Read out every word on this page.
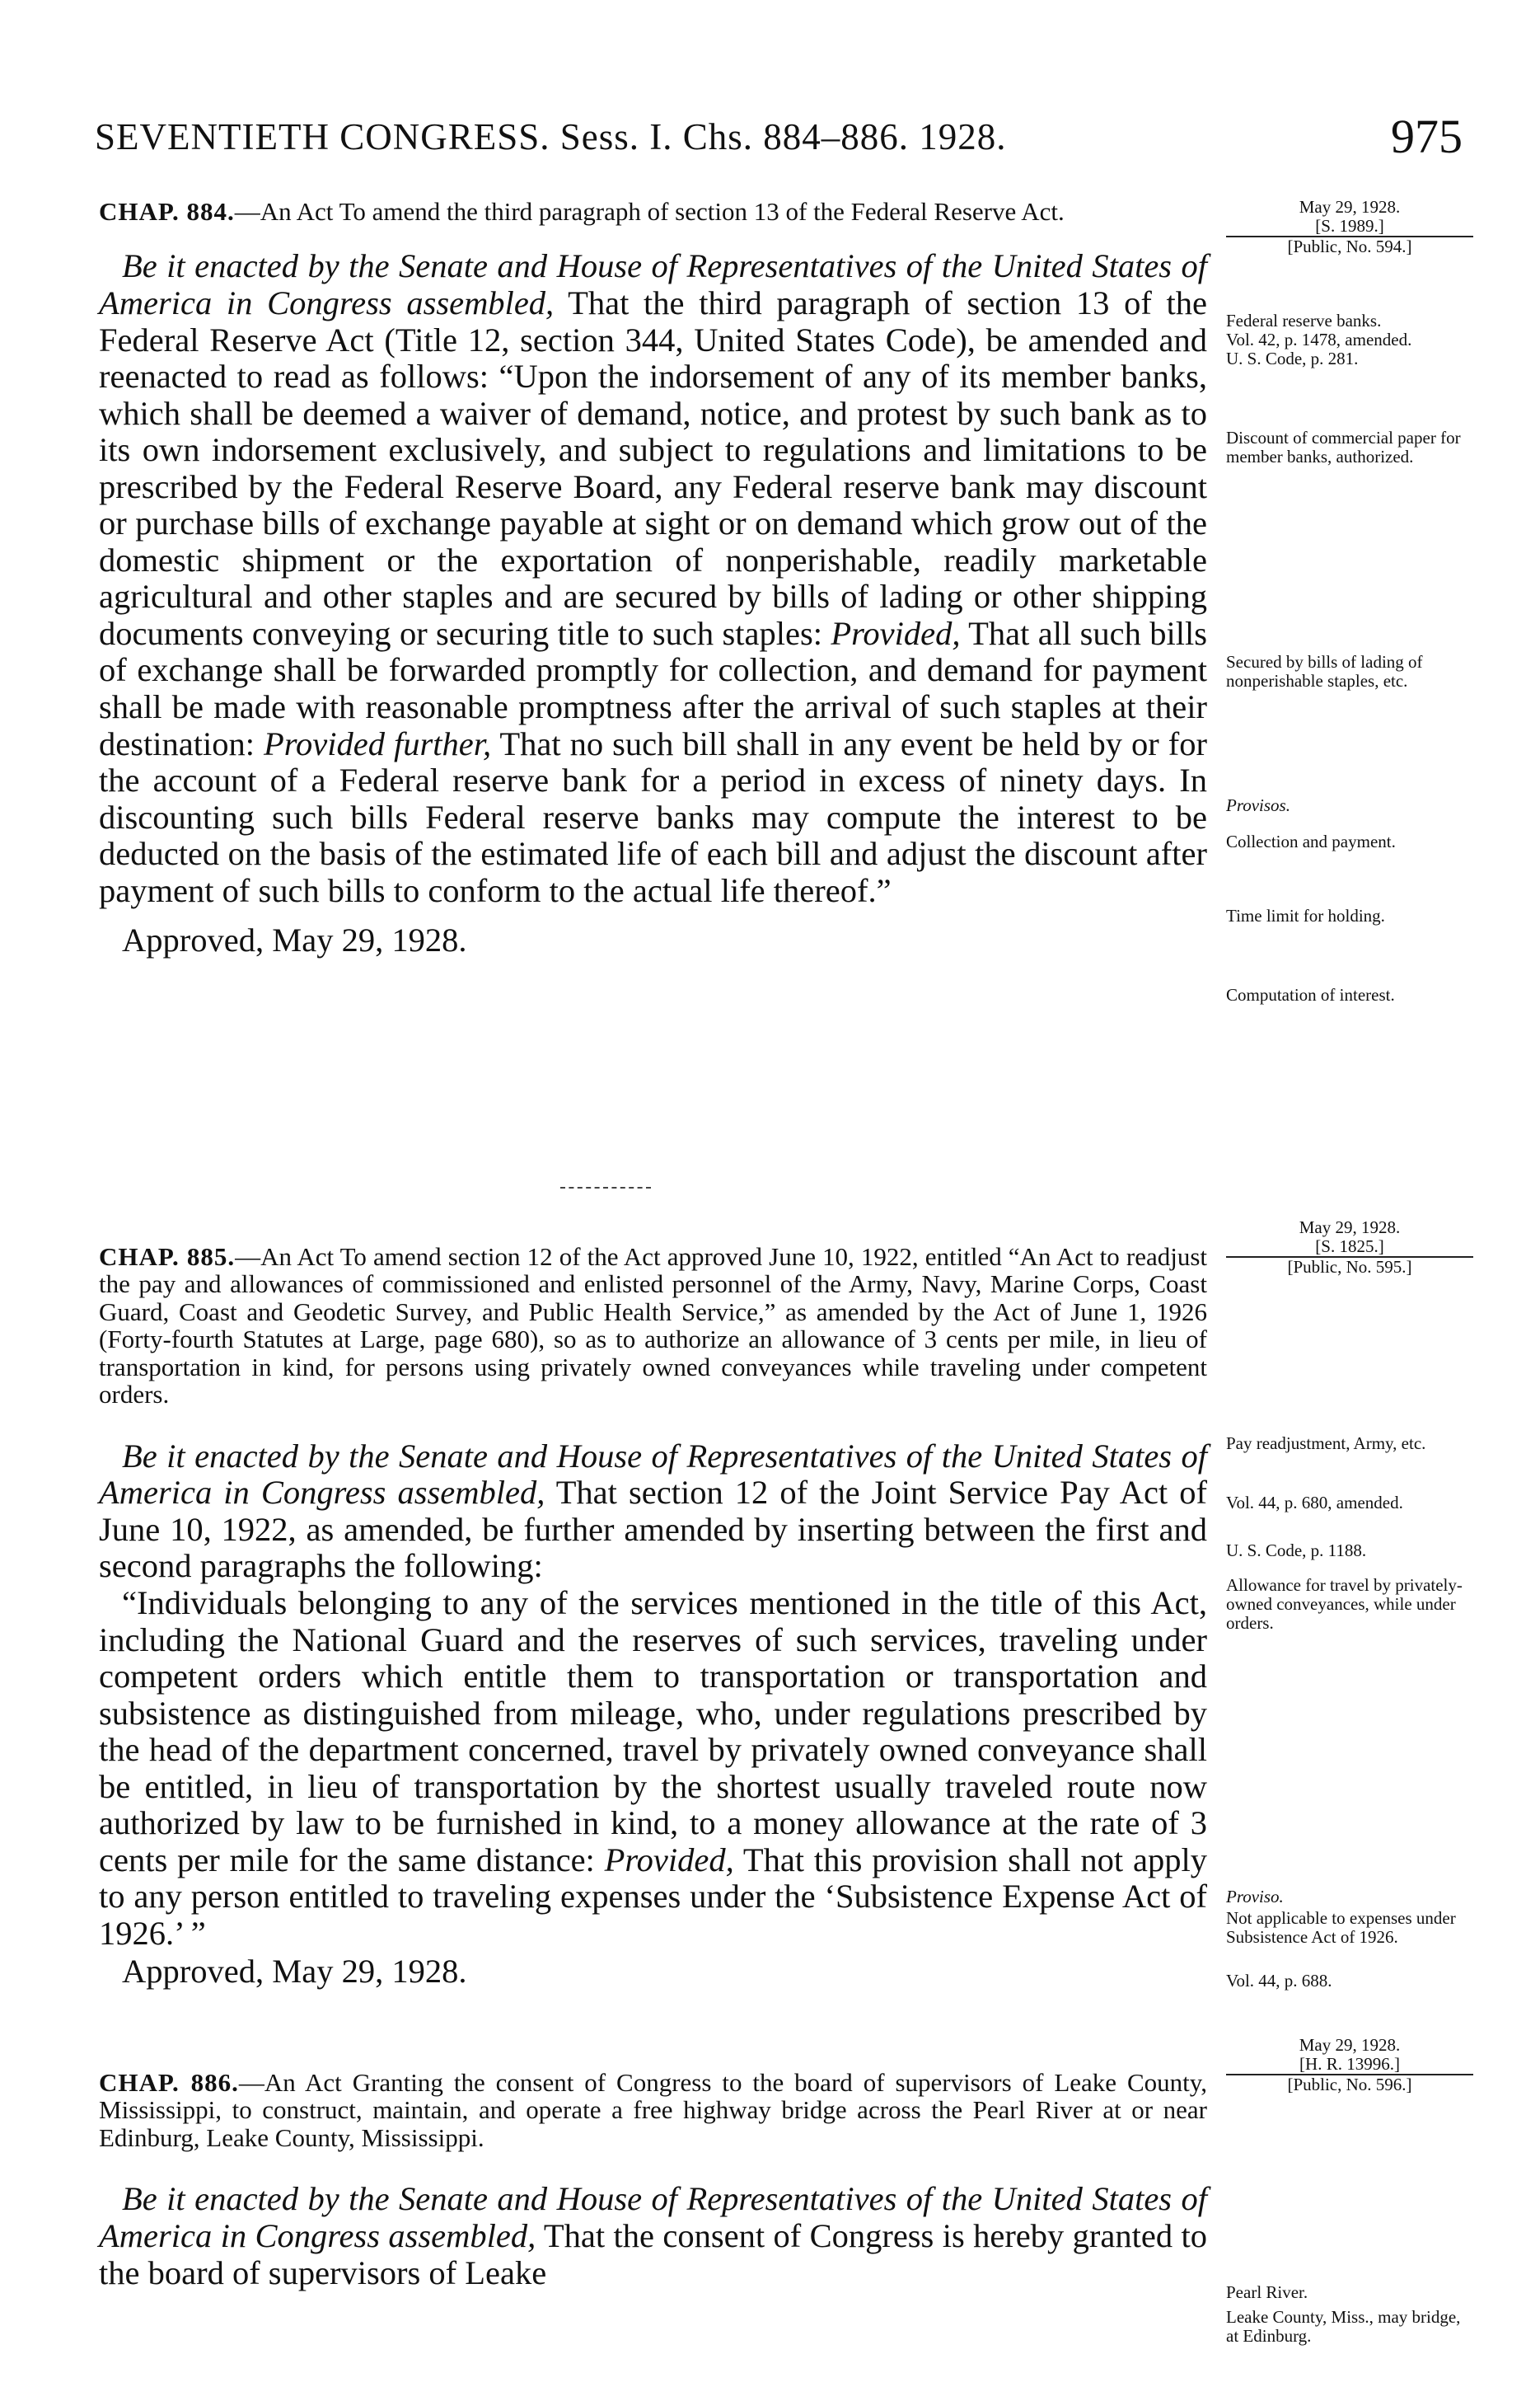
SEVENTIETH CONGRESS. Sess. I. Chs. 884–886. 1928.	975

CHAP. 884.—An Act To amend the third paragraph of section 13 of the Federal Reserve Act.

Be it enacted by the Senate and House of Representatives of the United States of America in Congress assembled, That the third paragraph of section 13 of the Federal Reserve Act (Title 12, section 344, United States Code), be amended and reenacted to read as follows: “Upon the indorsement of any of its member banks, which shall be deemed a waiver of demand, notice, and protest by such bank as to its own indorsement exclusively, and subject to regulations and limitations to be prescribed by the Federal Reserve Board, any Federal reserve bank may discount or purchase bills of exchange payable at sight or on demand which grow out of the domestic shipment or the exportation of nonperishable, readily marketable agricultural and other staples and are secured by bills of lading or other shipping documents conveying or securing title to such staples: Provided, That all such bills of exchange shall be forwarded promptly for collection, and demand for payment shall be made with reasonable promptness after the arrival of such staples at their destination: Provided further, That no such bill shall in any event be held by or for the account of a Federal reserve bank for a period in excess of ninety days. In discounting such bills Federal reserve banks may compute the interest to be deducted on the basis of the estimated life of each bill and adjust the discount after payment of such bills to conform to the actual life thereof.”

Approved, May 29, 1928.

May 29, 1928.
[S. 1989.]
[Public, No. 594.]
Federal reserve banks.
Vol. 42, p. 1478, amended.
U. S. Code, p. 281.
Discount of commercial paper for member banks, authorized.
Secured by bills of lading of nonperishable staples, etc.
Provisos.
Collection and payment.
Time limit for holding.
Computation of interest.

CHAP. 885.—An Act To amend section 12 of the Act approved June 10, 1922, entitled “An Act to readjust the pay and allowances of commissioned and enlisted personnel of the Army, Navy, Marine Corps, Coast Guard, Coast and Geodetic Survey, and Public Health Service,” as amended by the Act of June 1, 1926 (Forty-fourth Statutes at Large, page 680), so as to authorize an allowance of 3 cents per mile, in lieu of transportation in kind, for persons using privately owned conveyances while traveling under competent orders.

Be it enacted by the Senate and House of Representatives of the United States of America in Congress assembled, That section 12 of the Joint Service Pay Act of June 10, 1922, as amended, be further amended by inserting between the first and second paragraphs the following:

“Individuals belonging to any of the services mentioned in the title of this Act, including the National Guard and the reserves of such services, traveling under competent orders which entitle them to transportation or transportation and subsistence as distinguished from mileage, who, under regulations prescribed by the head of the department concerned, travel by privately owned conveyance shall be entitled, in lieu of transportation by the shortest usually traveled route now authorized by law to be furnished in kind, to a money allowance at the rate of 3 cents per mile for the same distance: Provided, That this provision shall not apply to any person entitled to traveling expenses under the ‘Subsistence Expense Act of 1926.’ ”

Approved, May 29, 1928.

May 29, 1928.
[S. 1825.]
[Public, No. 595.]
Pay readjustment, Army, etc.
Vol. 44, p. 680, amended.
U. S. Code, p. 1188.
Allowance for travel by privately-owned conveyances, while under orders.
Proviso.
Not applicable to expenses under Subsistence Act of 1926.
Vol. 44, p. 688.

CHAP. 886.—An Act Granting the consent of Congress to the board of supervisors of Leake County, Mississippi, to construct, maintain, and operate a free highway bridge across the Pearl River at or near Edinburg, Leake County, Mississippi.

Be it enacted by the Senate and House of Representatives of the United States of America in Congress assembled, That the consent of Congress is hereby granted to the board of supervisors of Leake

May 29, 1928.
[H. R. 13996.]
[Public, No. 596.]
Pearl River.
Leake County, Miss., may bridge, at Edinburg.
